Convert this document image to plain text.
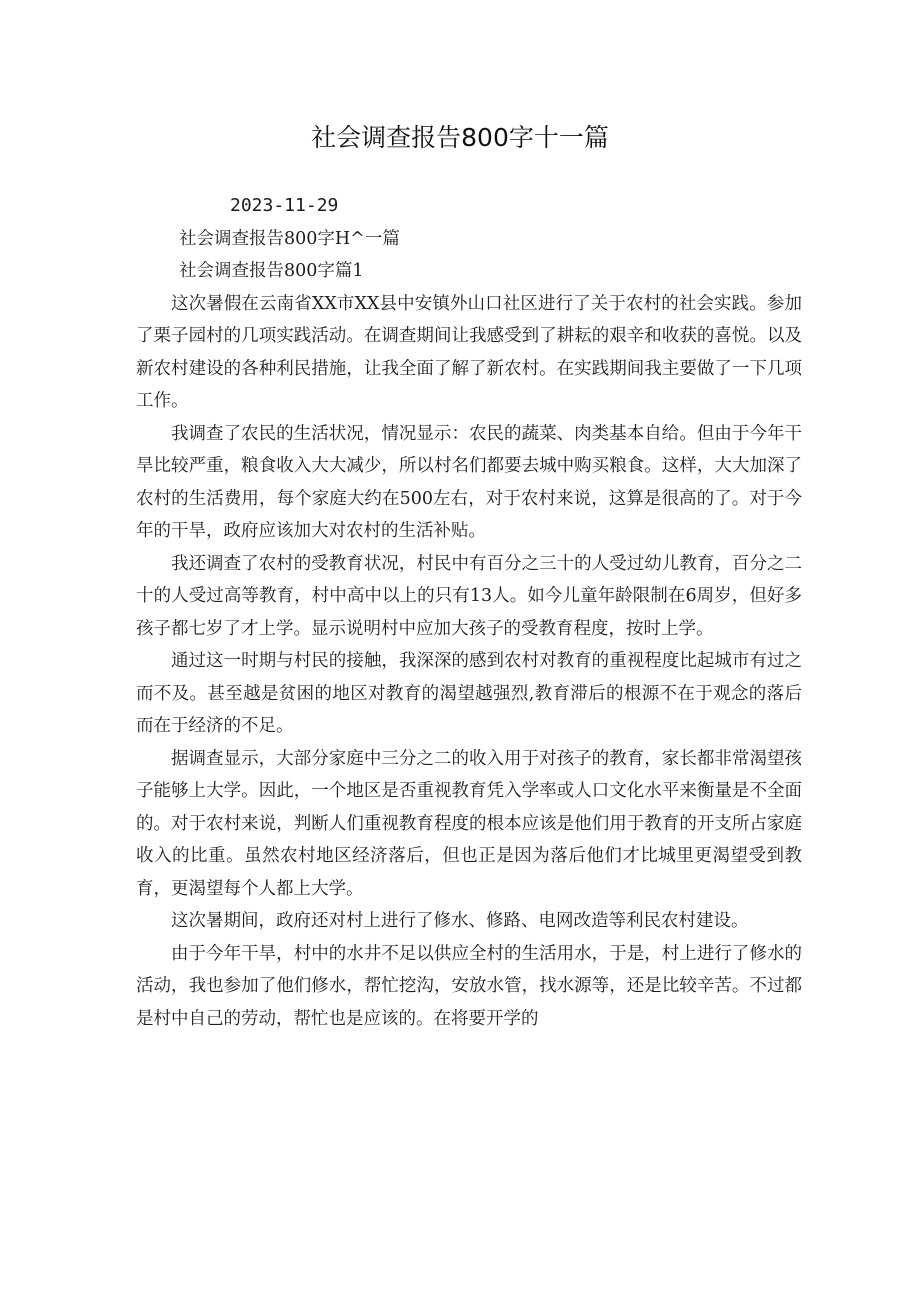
社会调查报告800字十一篇

2023-11-29

社会调查报告800字H^一篇

社会调查报告800字篇1

这次暑假在云南省XX市XX县中安镇外山口社区进行了关于农村的社会实践。参加了栗子园村的几项实践活动。在调查期间让我感受到了耕耘的艰辛和收获的喜悦。以及新农村建设的各种利民措施，让我全面了解了新农村。在实践期间我主要做了一下几项工作。

我调查了农民的生活状况，情况显示：农民的蔬菜、肉类基本自给。但由于今年干旱比较严重，粮食收入大大减少，所以村名们都要去城中购买粮食。这样，大大加深了农村的生活费用，每个家庭大约在500左右，对于农村来说，这算是很高的了。对于今年的干旱，政府应该加大对农村的生活补贴。

我还调查了农村的受教育状况，村民中有百分之三十的人受过幼儿教育，百分之二十的人受过高等教育，村中高中以上的只有13人。如今儿童年龄限制在6周岁，但好多孩子都七岁了才上学。显示说明村中应加大孩子的受教育程度，按时上学。

通过这一时期与村民的接触，我深深的感到农村对教育的重视程度比起城市有过之而不及。甚至越是贫困的地区对教育的渴望越强烈,教育滞后的根源不在于观念的落后而在于经济的不足。

据调查显示，大部分家庭中三分之二的收入用于对孩子的教育，家长都非常渴望孩子能够上大学。因此，一个地区是否重视教育凭入学率或人口文化水平来衡量是不全面的。对于农村来说，判断人们重视教育程度的根本应该是他们用于教育的开支所占家庭收入的比重。虽然农村地区经济落后，但也正是因为落后他们才比城里更渴望受到教育，更渴望每个人都上大学。

这次暑期间，政府还对村上进行了修水、修路、电网改造等利民农村建设。

由于今年干旱，村中的水井不足以供应全村的生活用水，于是，村上进行了修水的活动，我也参加了他们修水，帮忙挖沟，安放水管，找水源等，还是比较辛苦。不过都是村中自己的劳动，帮忙也是应该的。在将要开学的
